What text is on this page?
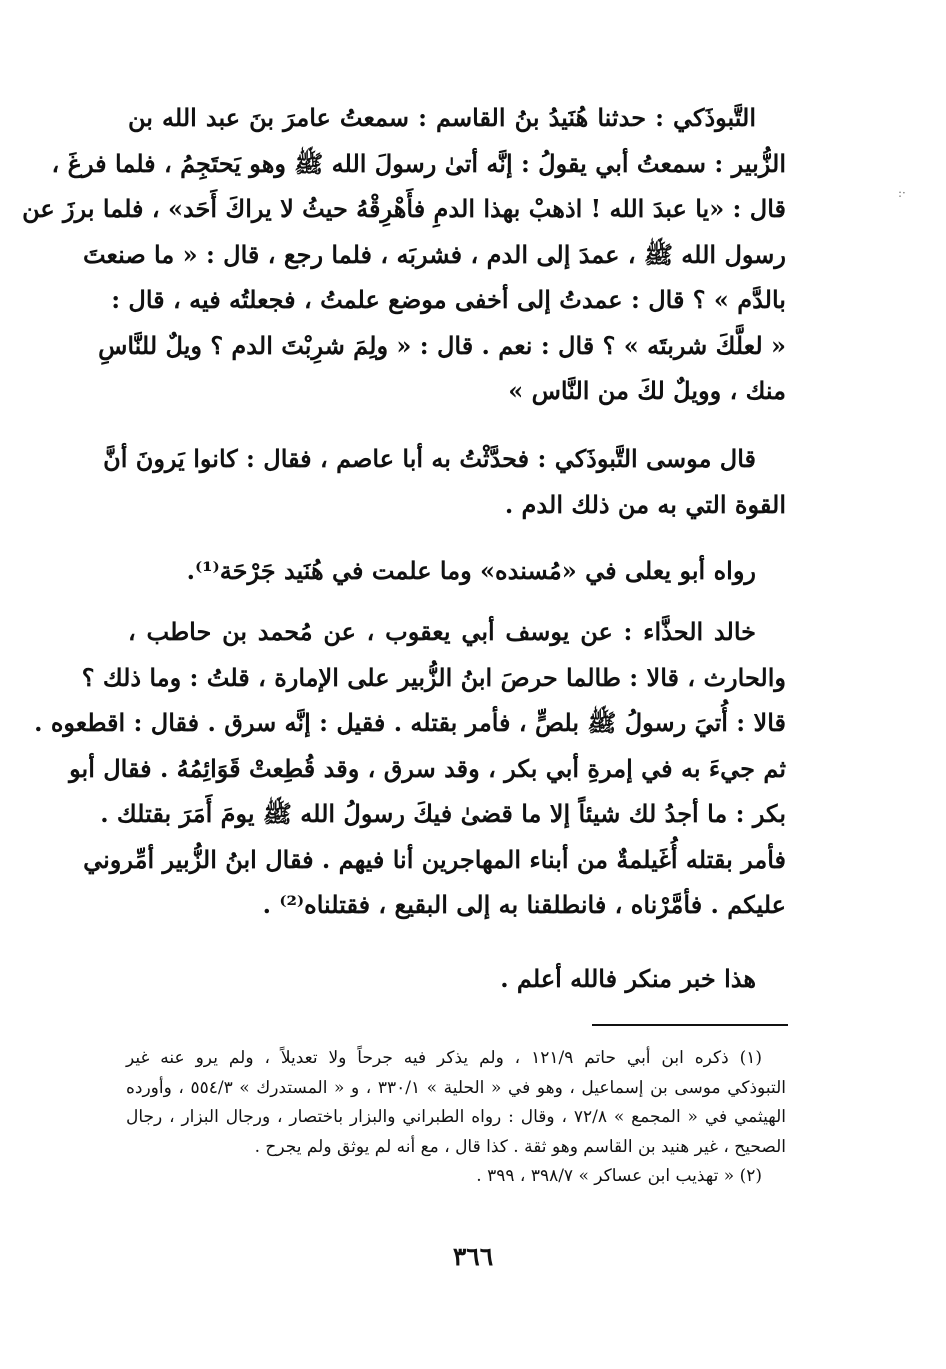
:·
التَّبوذَكي : حدثنا هُنَيدُ بنُ القاسم : سمعتُ عامرَ بنَ عبد الله بن
الزُّبير : سمعتُ أبي يقولُ : إنَّه أتىٰ رسولَ الله ﷺ وهو يَحتَجِمُ ، فلما فرغَ ،
قال : «يا عبدَ الله ! اذهبْ بهذا الدمِ فأَهْرِقْهُ حيثُ لا يراكَ أَحَد» ، فلما برزَ عن
رسول الله ﷺ ، عمدَ إلى الدم ، فشربَه ، فلما رجع ، قال : « ما صنعتَ
بالدَّم » ؟ قال : عمدتُ إلى أخفى موضع علمتُ ، فجعلتُه فيه ، قال :
« لعلَّكَ شربتَه » ؟ قال : نعم . قال : « ولِمَ شرِبْتَ الدم ؟ ويلٌ للنَّاسِ
منك ، وويلٌ لكَ من النَّاس »
قال موسى التَّبوذَكي : فحدَّثْتُ به أبا عاصم ، فقال : كانوا يَرونَ أنَّ
القوة التي به من ذلك الدم .
رواه أبو يعلى في «مُسنده» وما علمت في هُنَيد جَرْحَة⁽¹⁾.
خالد الحذَّاء : عن يوسف أبي يعقوب ، عن مُحمد بن حاطب ،
والحارث ، قالا : طالما حرصَ ابنُ الزُّبير على الإمارة ، قلتُ : وما ذلك ؟
قالا : أُتيَ رسولُ ﷺ بلصٍّ ، فأمر بقتله . فقيل : إنَّه سرق . فقال : اقطعوه .
ثم جيءَ به في إمرةِ أبي بكر ، وقد سرق ، وقد قُطِعتْ قَوَائِمُهُ . فقال أبو
بكر : ما أجدُ لك شيئاً إلا ما قضىٰ فيكَ رسولُ الله ﷺ يومَ أَمَرَ بقتلك .
فأمر بقتله أُغَيلمةٌ من أبناء المهاجرين أنا فيهم . فقال ابنُ الزُّبير أمِّروني
عليكم . فأمَّرْناه ، فانطلقنا به إلى البقيع ، فقتلناه⁽²⁾ .
هذا خبر منكر فالله أعلم .
(١) ذكره ابن أبي حاتم ١٢١/٩ ، ولم يذكر فيه جرحاً ولا تعديلاً ، ولم يرو عنه غير
التبوذكي موسى بن إسماعيل ، وهو في « الحلية » ٣٣٠/١ ، و « المستدرك » ٥٥٤/٣ ، وأورده
الهيثمي في « المجمع » ٧٢/٨ ، وقال : رواه الطبراني والبزار باختصار ، ورجال البزار ، رجال
الصحيح ، غير هنيد بن القاسم وهو ثقة . كذا قال ، مع أنه لم يوثق ولم يجرح .
(٢) « تهذيب ابن عساكر » ٣٩٨/٧ ، ٣٩٩ .
٣٦٦
